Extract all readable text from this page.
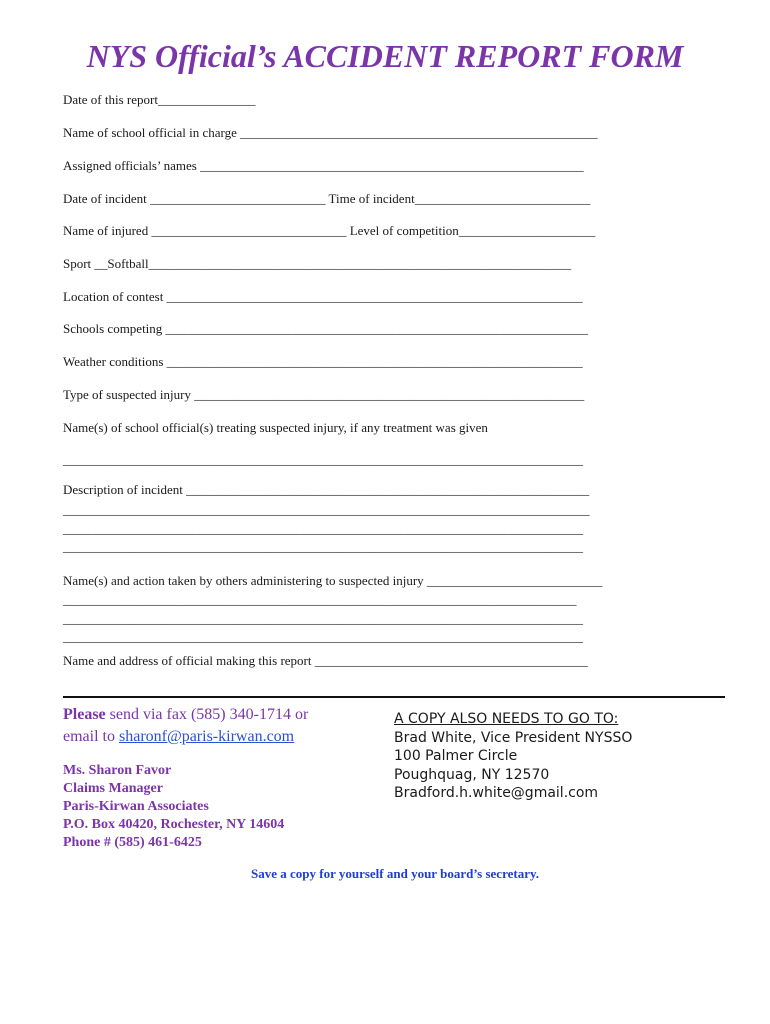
NYS Official’s ACCIDENT REPORT FORM
Date of this report_______________
Name of school official in charge _______________________________________________________
Assigned officials’ names ___________________________________________________________
Date of incident ___________________________ Time of incident___________________________
Name of injured ______________________________ Level of competition_____________________
Sport __Softball_________________________________________________________________
Location of contest ________________________________________________________________
Schools competing _________________________________________________________________
Weather conditions ________________________________________________________________
Type of suspected injury ____________________________________________________________
Name(s) of school official(s) treating suspected injury, if any treatment was given
________________________________________________________________________________
Description of incident ______________________________________________________________
_________________________________________________________________________________
________________________________________________________________________________
________________________________________________________________________________
Name(s) and action taken by others administering to suspected injury ___________________________
_______________________________________________________________________________
________________________________________________________________________________
________________________________________________________________________________
Name and address of official making this report __________________________________________
Please send via fax (585) 340-1714 or
email to sharonf@paris-kirwan.com
Ms. Sharon Favor
Claims Manager
Paris-Kirwan Associates
P.O. Box 40420, Rochester, NY 14604
Phone # (585) 461-6425
A COPY ALSO NEEDS TO GO TO:
Brad White, Vice President NYSSO
100 Palmer Circle
Poughquag, NY 12570
Bradford.h.white@gmail.com
Save a copy for yourself and your board’s secretary.
